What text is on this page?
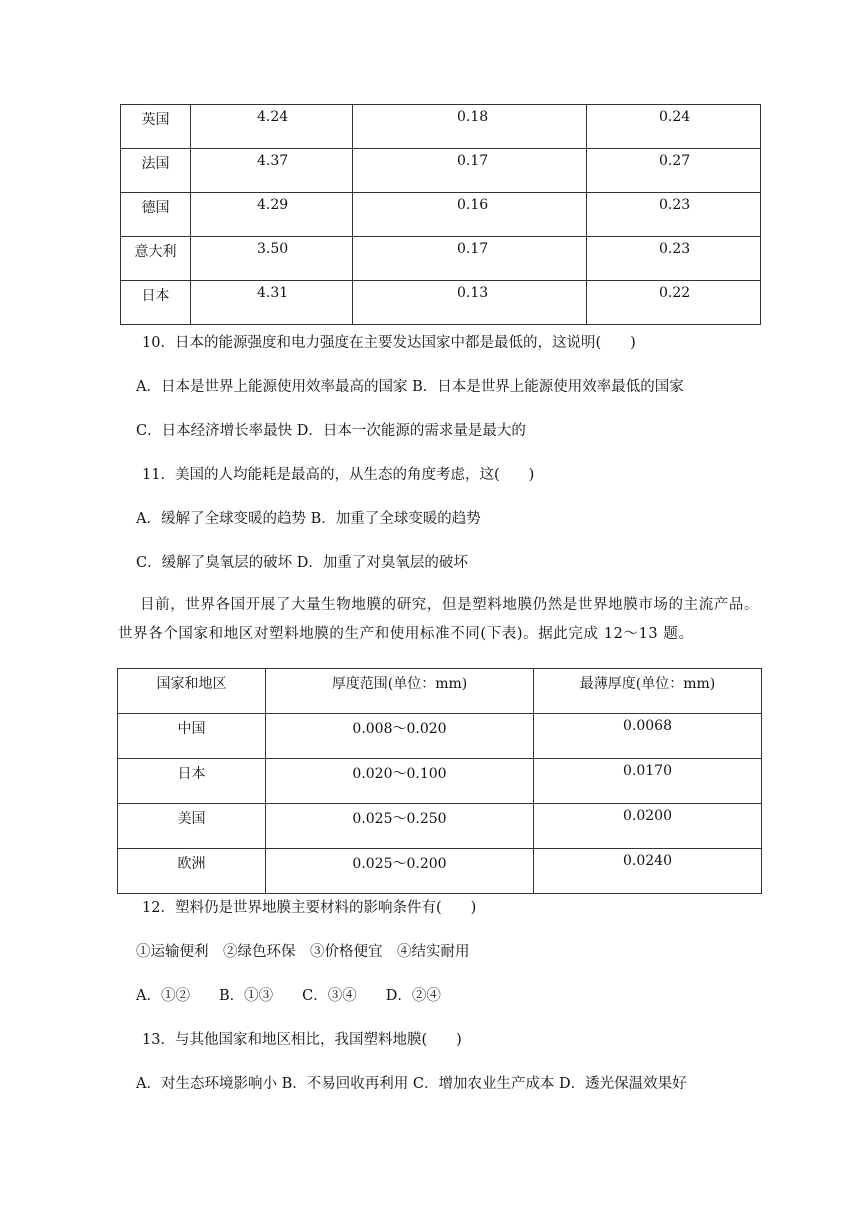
英国	4.24	0.18	0.24
法国	4.37	0.17	0.27
德国	4.29	0.16	0.23
意大利	3.50	0.17	0.23
日本	4.31	0.13	0.22
10．日本的能源强度和电力强度在主要发达国家中都是最低的，这说明(　　)
A．日本是世界上能源使用效率最高的国家 B．日本是世界上能源使用效率最低的国家
C．日本经济增长率最快 D．日本一次能源的需求量是最大的
11．美国的人均能耗是最高的，从生态的角度考虑，这(　　)
A．缓解了全球变暖的趋势 B．加重了全球变暖的趋势
C．缓解了臭氧层的破坏 D．加重了对臭氧层的破坏
目前，世界各国开展了大量生物地膜的研究，但是塑料地膜仍然是世界地膜市场的主流产品。世界各个国家和地区对塑料地膜的生产和使用标准不同(下表)。据此完成 12～13 题。
国家和地区	厚度范围(单位：mm)	最薄厚度(单位：mm)
中国	0.008～0.020	0.0068
日本	0.020～0.100	0.0170
美国	0.025～0.250	0.0200
欧洲	0.025～0.200	0.0240
12．塑料仍是世界地膜主要材料的影响条件有(　　)
①运输便利　②绿色环保　③价格便宜　④结实耐用
A．①②　　B．①③　　C．③④　　D．②④
13．与其他国家和地区相比，我国塑料地膜(　　)
A．对生态环境影响小 B．不易回收再利用 C．增加农业生产成本 D．透光保温效果好
